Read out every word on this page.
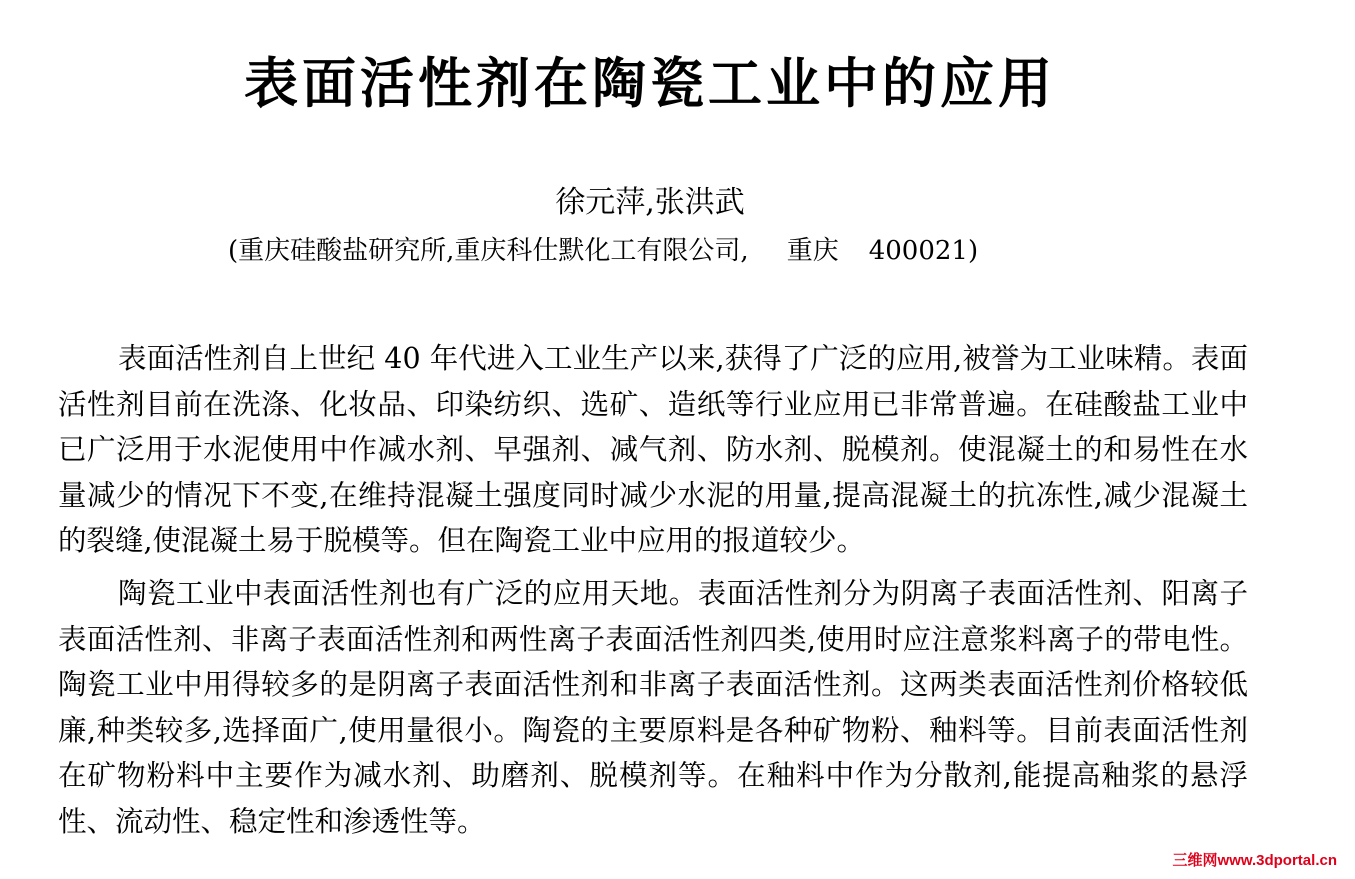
表面活性剂在陶瓷工业中的应用
徐元萍,张洪武
(重庆硅酸盐研究所,重庆科仕默化工有限公司, 重庆 400021)

表面活性剂自上世纪 40 年代进入工业生产以来,获得了广泛的应用,被誉为工业味精。表面活性剂目前在洗涤、化妆品、印染纺织、选矿、造纸等行业应用已非常普遍。在硅酸盐工业中已广泛用于水泥使用中作减水剂、早强剂、减气剂、防水剂、脱模剂。使混凝土的和易性在水量减少的情况下不变,在维持混凝土强度同时减少水泥的用量,提高混凝土的抗冻性,减少混凝土的裂缝,使混凝土易于脱模等。但在陶瓷工业中应用的报道较少。

陶瓷工业中表面活性剂也有广泛的应用天地。表面活性剂分为阴离子表面活性剂、阳离子表面活性剂、非离子表面活性剂和两性离子表面活性剂四类,使用时应注意浆料离子的带电性。陶瓷工业中用得较多的是阴离子表面活性剂和非离子表面活性剂。这两类表面活性剂价格较低廉,种类较多,选择面广,使用量很小。陶瓷的主要原料是各种矿物粉、釉料等。目前表面活性剂在矿物粉料中主要作为减水剂、助磨剂、脱模剂等。在釉料中作为分散剂,能提高釉浆的悬浮性、流动性、稳定性和渗透性等。

三维网www.3dportal.cn
